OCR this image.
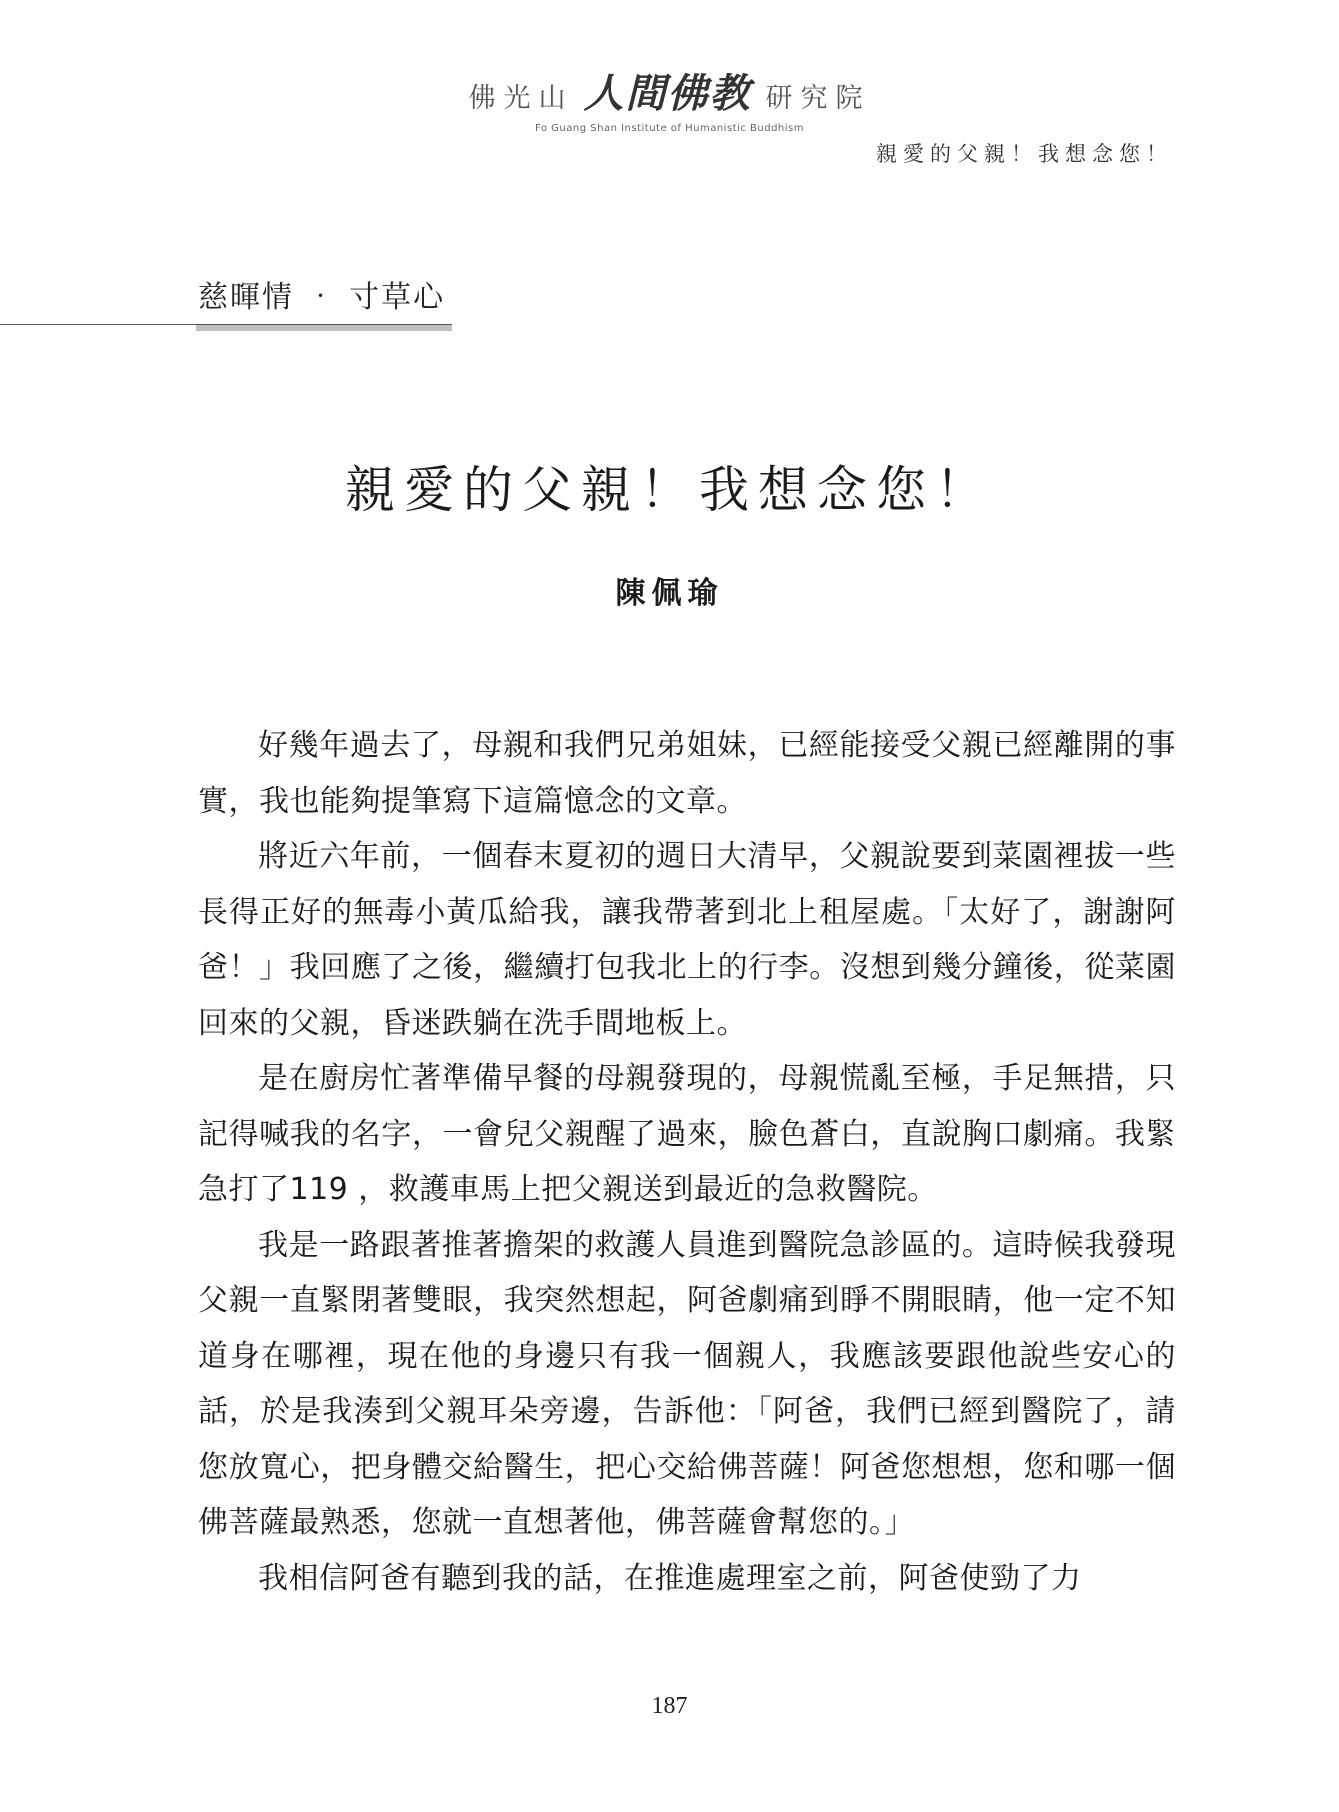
佛光山 人間佛教 研究院
Fo Guang Shan Institute of Humanistic Buddhism
親愛的父親！我想念您！
慈暉情 ‧ 寸草心
親愛的父親！我想念您！
陳佩瑜

好幾年過去了，母親和我們兄弟姐妹，已經能接受父親已經離開的事實，我也能夠提筆寫下這篇憶念的文章。

將近六年前，一個春末夏初的週日大清早，父親說要到菜園裡拔一些長得正好的無毒小黃瓜給我，讓我帶著到北上租屋處。「太好了，謝謝阿爸！」我回應了之後，繼續打包我北上的行李。沒想到幾分鐘後，從菜園回來的父親，昏迷跌躺在洗手間地板上。

是在廚房忙著準備早餐的母親發現的，母親慌亂至極，手足無措，只記得喊我的名字，一會兒父親醒了過來，臉色蒼白，直說胸口劇痛。我緊急打了119 ，救護車馬上把父親送到最近的急救醫院。

我是一路跟著推著擔架的救護人員進到醫院急診區的。這時候我發現父親一直緊閉著雙眼，我突然想起，阿爸劇痛到睜不開眼睛，他一定不知道身在哪裡，現在他的身邊只有我一個親人，我應該要跟他說些安心的話，於是我湊到父親耳朵旁邊，告訴他：「阿爸，我們已經到醫院了，請您放寬心，把身體交給醫生，把心交給佛菩薩！阿爸您想想，您和哪一個佛菩薩最熟悉，您就一直想著他，佛菩薩會幫您的。」

我相信阿爸有聽到我的話，在推進處理室之前，阿爸使勁了力

187
